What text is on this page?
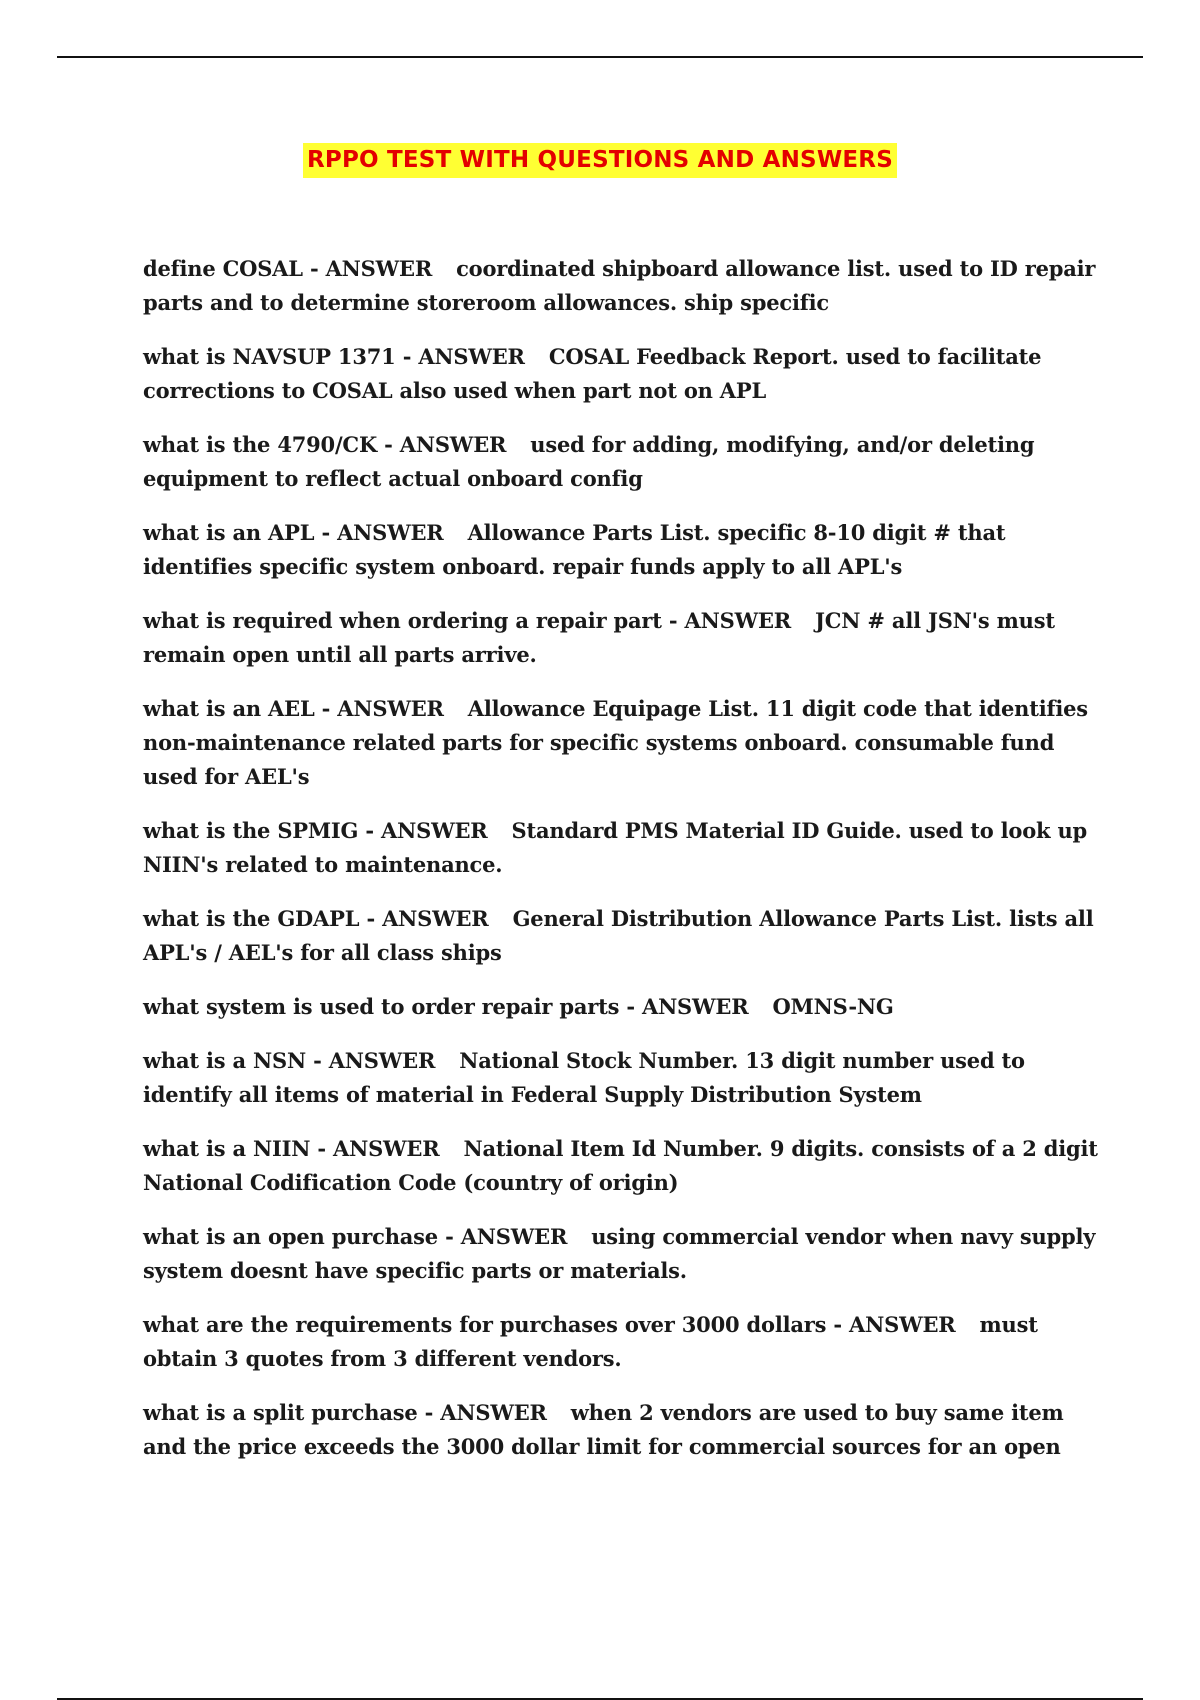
RPPO TEST WITH QUESTIONS AND ANSWERS

define COSAL - ANSWER coordinated shipboard allowance list. used to ID repair parts and to determine storeroom allowances. ship specific

what is NAVSUP 1371 - ANSWER COSAL Feedback Report. used to facilitate corrections to COSAL also used when part not on APL

what is the 4790/CK - ANSWER used for adding, modifying, and/or deleting equipment to reflect actual onboard config

what is an APL - ANSWER Allowance Parts List. specific 8-10 digit # that identifies specific system onboard. repair funds apply to all APL's

what is required when ordering a repair part - ANSWER JCN # all JSN's must remain open until all parts arrive.

what is an AEL - ANSWER Allowance Equipage List. 11 digit code that identifies non-maintenance related parts for specific systems onboard. consumable fund used for AEL's

what is the SPMIG - ANSWER Standard PMS Material ID Guide. used to look up NIIN's related to maintenance.

what is the GDAPL - ANSWER General Distribution Allowance Parts List. lists all APL's / AEL's for all class ships

what system is used to order repair parts - ANSWER OMNS-NG

what is a NSN - ANSWER National Stock Number. 13 digit number used to identify all items of material in Federal Supply Distribution System

what is a NIIN - ANSWER National Item Id Number. 9 digits. consists of a 2 digit National Codification Code (country of origin)

what is an open purchase - ANSWER using commercial vendor when navy supply system doesnt have specific parts or materials.

what are the requirements for purchases over 3000 dollars - ANSWER must obtain 3 quotes from 3 different vendors.

what is a split purchase - ANSWER when 2 vendors are used to buy same item and the price exceeds the 3000 dollar limit for commercial sources for an open
